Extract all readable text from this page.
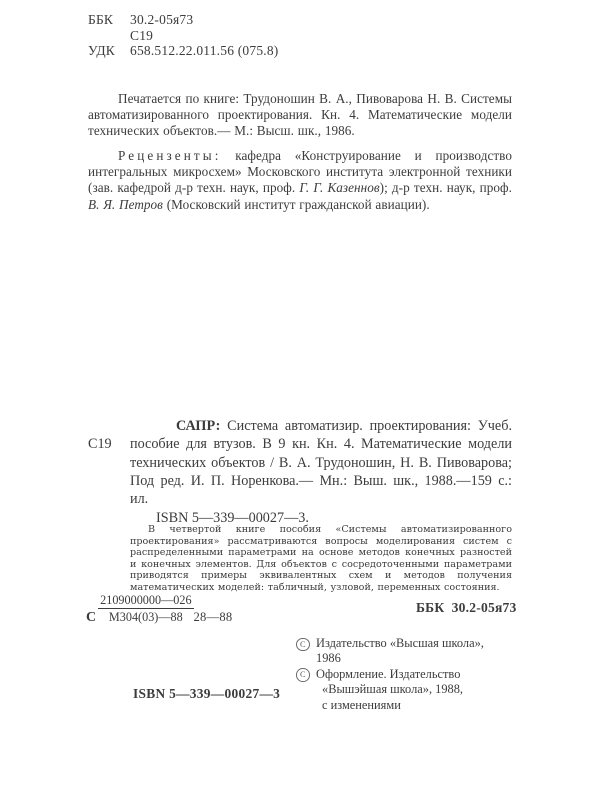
ББК 30.2-05я73
С19
УДК 658.512.22.011.56 (075.8)
Печатается по книге: Трудоношин В. А., Пивоварова Н. В. Системы автоматизированного проектирования. Кн. 4. Математические модели технических объектов.— М.: Высш. шк., 1986.
Рецензенты: кафедра «Конструирование и производство интегральных микросхем» Московского института электронной техники (зав. кафедрой д-р техн. наук, проф. Г. Г. Казеннов); д-р техн. наук, проф. В. Я. Петров (Московский институт гражданской авиации).
С19
САПР: Система автоматизир. проектирования: Учеб. пособие для втузов. В 9 кн. Кн. 4. Математические модели технических объектов / В. А. Трудоношин, Н. В. Пивоварова; Под ред. И. П. Норенкова.— Мн.: Выш. шк., 1988.—159 с.: ил.
ISBN 5—339—00027—3.
В четвертой книге пособия «Системы автоматизированного проектирования» рассматриваются вопросы моделирования систем с распределенными параметрами на основе методов конечных разностей и конечных элементов. Для объектов с сосредоточенными параметрами приводятся примеры эквивалентных схем и методов получения математических моделей: табличный, узловой, переменных состояния.
С $\frac{2109000000—026}{М304(03)—88}$ 28—88
ББК 30.2-05я73
C Издательство «Высшая школа»,
1986
C Оформление. Издательство
«Вышэйшая школа», 1988,
с изменениями
ISBN 5—339—00027—3
